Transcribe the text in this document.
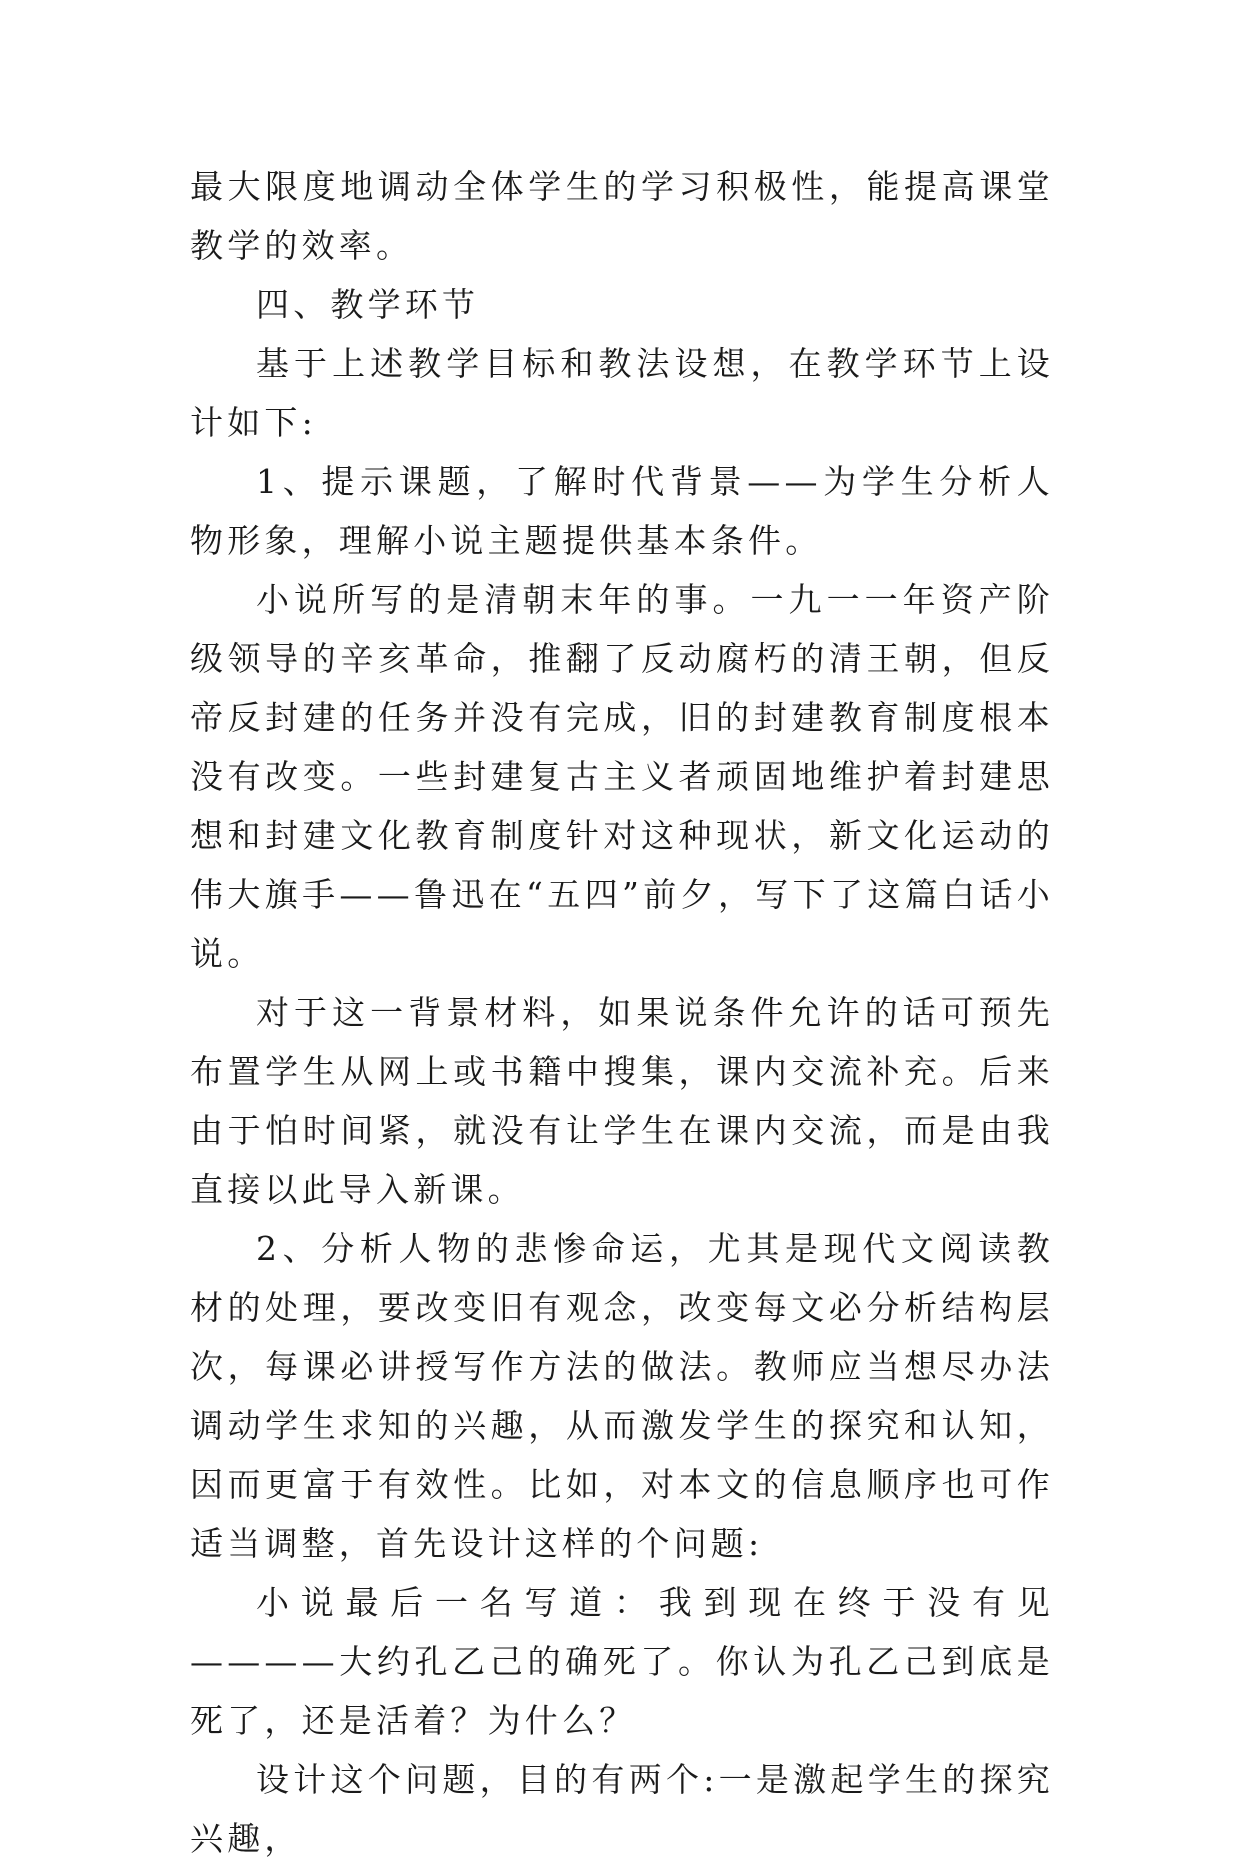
最大限度地调动全体学生的学习积极性，能提高课堂教学的效率。

四、教学环节

基于上述教学目标和教法设想，在教学环节上设计如下:

1、提示课题，了解时代背景——为学生分析人物形象，理解小说主题提供基本条件。

小说所写的是清朝末年的事。一九一一年资产阶级领导的辛亥革命，推翻了反动腐朽的清王朝，但反帝反封建的任务并没有完成，旧的封建教育制度根本没有改变。一些封建复古主义者顽固地维护着封建思想和封建文化教育制度针对这种现状，新文化运动的伟大旗手——鲁迅在“五四”前夕，写下了这篇白话小说。

对于这一背景材料，如果说条件允许的话可预先布置学生从网上或书籍中搜集，课内交流补充。后来由于怕时间紧，就没有让学生在课内交流，而是由我直接以此导入新课。

2、分析人物的悲惨命运，尤其是现代文阅读教材的处理，要改变旧有观念，改变每文必分析结构层次，每课必讲授写作方法的做法。教师应当想尽办法调动学生求知的兴趣，从而激发学生的探究和认知，因而更富于有效性。比如，对本文的信息顺序也可作适当调整，首先设计这样的个问题:

小说最后一名写道：我到现在终于没有见————大约孔乙己的确死了。你认为孔乙己到底是死了，还是活着？为什么？

设计这个问题，目的有两个:一是激起学生的探究兴趣，
